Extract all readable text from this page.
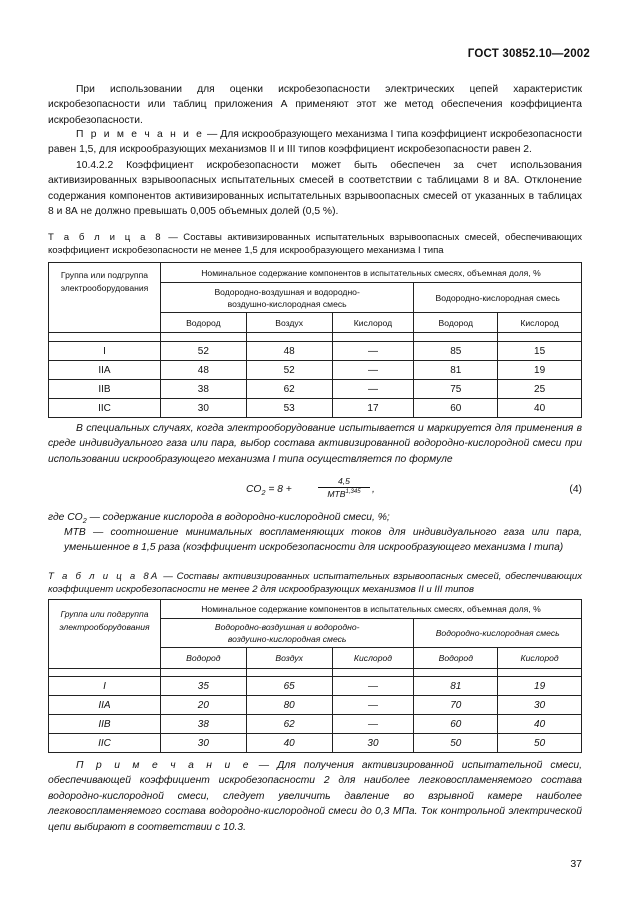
ГОСТ 30852.10—2002
При использовании для оценки искробезопасности электрических цепей характеристик искробезопасности или таблиц приложения А применяют этот же метод обеспечения коэффициента искробезопасности.
П р и м е ч а н и е — Для искрообразующего механизма I типа коэффициент искробезопасности равен 1,5, для искрообразующих механизмов II и III типов коэффициент искробезопасности равен 2.
10.4.2.2 Коэффициент искробезопасности может быть обеспечен за счет использования активизированных взрывоопасных испытательных смесей в соответствии с таблицами 8 и 8А. Отклонение содержания компонентов активизированных испытательных взрывоопасных смесей от указанных в таблицах 8 и 8А не должно превышать 0,005 объемных долей (0,5 %).
Т а б л и ц а 8 — Составы активизированных испытательных взрывоопасных смесей, обеспечивающих коэффициент искробезопасности не менее 1,5 для искрообразующего механизма I типа
Группа или подгруппа электрооборудования	Номинальное содержание компонентов в испытательных смесях, объемная доля, %				
	Водородно-воздушная и водородно-воздушно-кислородная смесь			Водородно-кислородная смесь	
	Водород	Воздух	Кислород	Водород	Кислород

I	52	48	—	85	15
IIA	48	52	—	81	19
IIB	38	62	—	75	25
IIC	30	53	17	60	40
В специальных случаях, когда электрооборудование испытывается и маркируется для применения в среде индивидуального газа или пара, выбор состава активизированной водородно-кислородной смеси при использовании искрообразующего механизма I типа осуществляется по формуле
$CO_2 = 8$ +
4,5
MTB$^{1,345}$	,	(4)
где $CO_2$ — содержание кислорода в водородно-кислородной смеси, %;
MTB — соотношение минимальных воспламеняющих токов для индивидуального газа или пара, уменьшенное в 1,5 раза (коэффициент искробезопасности для искрообразующего механизма I типа)
Т а б л и ц а 8А — Составы активизированных испытательных взрывоопасных смесей, обеспечивающих коэффициент искробезопасности не менее 2 для искрообразующих механизмов II и III типов
Группа или подгруппа электрооборудования	Номинальное содержание компонентов в испытательных смесях, объемная доля, %				
	Водородно-воздушная и водородно-воздушно-кислородная смесь			Водородно-кислородная смесь	
	Водород	Воздух	Кислород	Водород	Кислород

I	35	65	—	81	19
IIA	20	80	—	70	30
IIB	38	62	—	60	40
IIC	30	40	30	50	50
П р и м е ч а н и е — Для получения активизированной испытательной смеси, обеспечивающей коэффициент искробезопасности 2 для наиболее легковоспламеняемого состава водородно-кислородной смеси, следует увеличить давление во взрывной камере наиболее легковоспламеняемого состава водородно-кислородной смеси до 0,3 МПа. Ток контрольной электрической цепи выбирают в соответствии с 10.3.
37
